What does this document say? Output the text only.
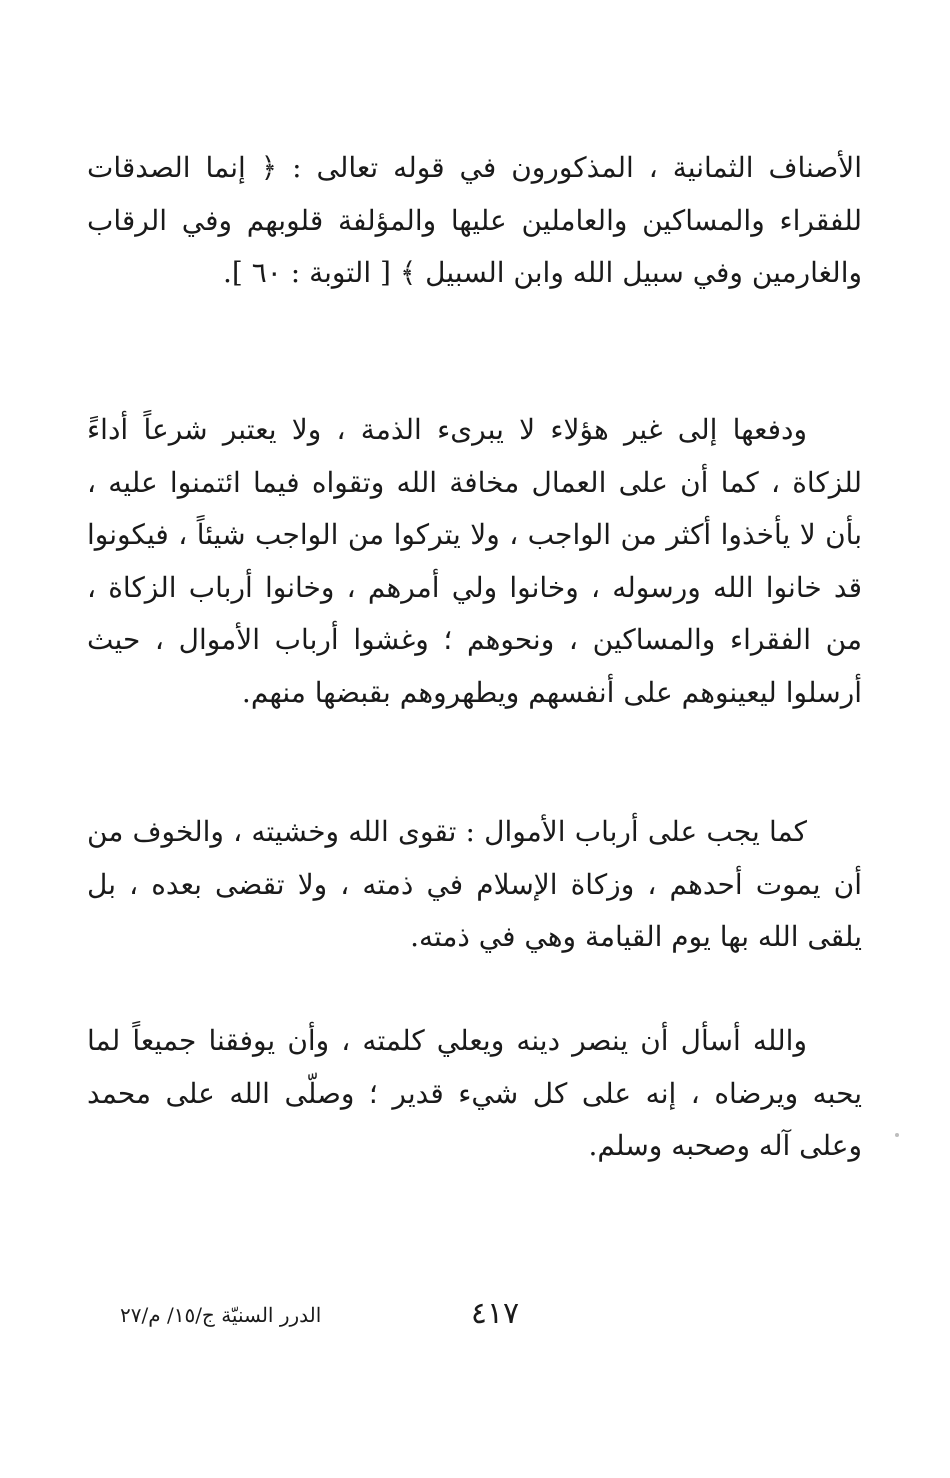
الأصناف الثمانية ، المذكورون في قوله تعالى : ﴿ إنما الصدقات للفقراء والمساكين والعاملين عليها والمؤلفة قلوبهم وفي الرقاب والغارمين وفي سبيل الله وابن السبيل ﴾ [ التوبة : ٦٠ ].

ودفعها إلى غير هؤلاء لا يبرىء الذمة ، ولا يعتبر شرعاً أداءً للزكاة ، كما أن على العمال مخافة الله وتقواه فيما ائتمنوا عليه ، بأن لا يأخذوا أكثر من الواجب ، ولا يتركوا من الواجب شيئاً ، فيكونوا قد خانوا الله ورسوله ، وخانوا ولي أمرهم ، وخانوا أرباب الزكاة ، من الفقراء والمساكين ، ونحوهم ؛ وغشوا أرباب الأموال ، حيث أرسلوا ليعينوهم على أنفسهم ويطهروهم بقبضها منهم.

كما يجب على أرباب الأموال : تقوى الله وخشيته ، والخوف من أن يموت أحدهم ، وزكاة الإسلام في ذمته ، ولا تقضى بعده ، بل يلقى الله بها يوم القيامة وهي في ذمته.

والله أسأل أن ينصر دينه ويعلي كلمته ، وأن يوفقنا جميعاً لما يحبه ويرضاه ، إنه على كل شيء قدير ؛ وصلّى الله على محمد وعلى آله وصحبه وسلم.

٤١٧
الدرر السنيّة ج/١٥/ م/٢٧
